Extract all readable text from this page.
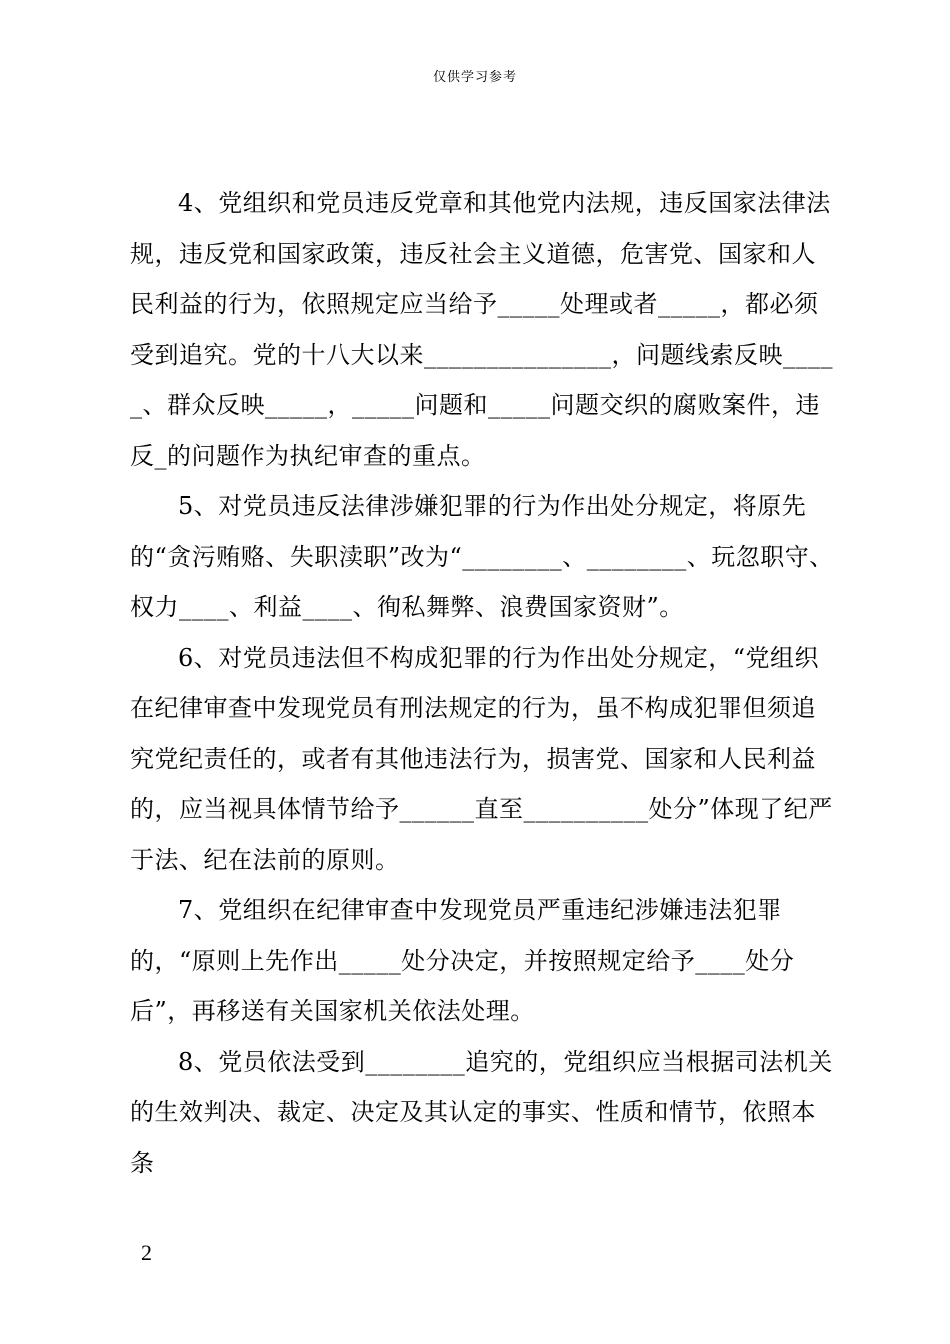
仅供学习参考

4、党组织和党员违反党章和其他党内法规，违反国家法律法规，违反党和国家政策，违反社会主义道德，危害党、国家和人民利益的行为，依照规定应当给予_____处理或者_____，都必须受到追究。党的十八大以来_______________，问题线索反映_____、群众反映_____，_____问题和_____问题交织的腐败案件，违反_的问题作为执纪审查的重点。

5、对党员违反法律涉嫌犯罪的行为作出处分规定，将原先的“贪污贿赂、失职渎职”改为“________、________、玩忽职守、权力____、利益____、徇私舞弊、浪费国家资财”。

6、对党员违法但不构成犯罪的行为作出处分规定，“党组织在纪律审查中发现党员有刑法规定的行为，虽不构成犯罪但须追究党纪责任的，或者有其他违法行为，损害党、国家和人民利益的，应当视具体情节给予______直至__________处分”体现了纪严于法、纪在法前的原则。

7、党组织在纪律审查中发现党员严重违纪涉嫌违法犯罪的，“原则上先作出_____处分决定，并按照规定给予____处分后”，再移送有关国家机关依法处理。

8、党员依法受到________追究的，党组织应当根据司法机关的生效判决、裁定、决定及其认定的事实、性质和情节，依照本条

2
